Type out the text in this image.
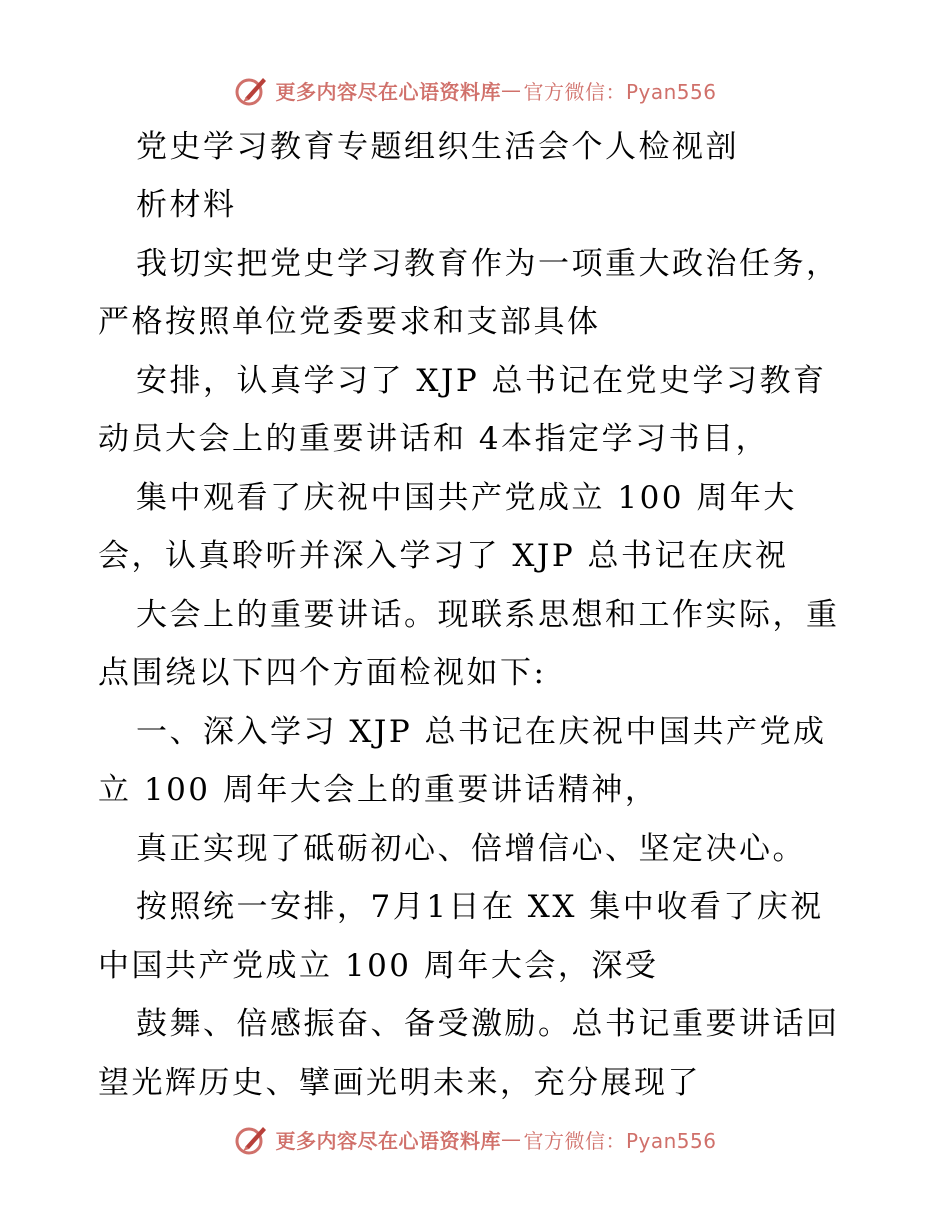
更多内容尽在心语资料库 — 官方微信：Pyan556
党史学习教育专题组织生活会个人检视剖
析材料
我切实把党史学习教育作为一项重大政治任务，
严格按照单位党委要求和支部具体
安排，认真学习了 XJP 总书记在党史学习教育
动员大会上的重要讲话和 4本指定学习书目，
集中观看了庆祝中国共产党成立 100 周年大
会，认真聆听并深入学习了 XJP 总书记在庆祝
大会上的重要讲话。现联系思想和工作实际，重
点围绕以下四个方面检视如下:
一、深入学习 XJP 总书记在庆祝中国共产党成
立 100 周年大会上的重要讲话精神，
真正实现了砥砺初心、倍增信心、坚定决心。
按照统一安排，7月1日在 XX 集中收看了庆祝
中国共产党成立 100 周年大会，深受
鼓舞、倍感振奋、备受激励。总书记重要讲话回
望光辉历史、擘画光明未来，充分展现了
更多内容尽在心语资料库 — 官方微信：Pyan556
